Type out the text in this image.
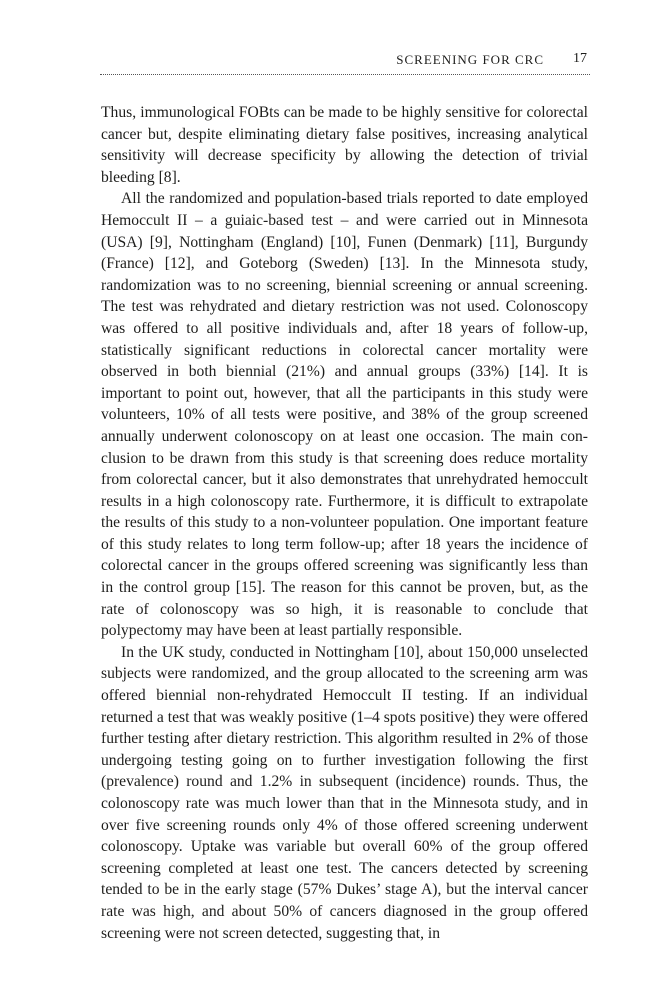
SCREENING FOR CRC 17

Thus, immunological FOBts can be made to be highly sensitive for colorectal cancer but, despite eliminating dietary false positives, increasing analytical sensitivity will decrease specificity by allowing the detection of trivial bleeding [8].

All the randomized and population-based trials reported to date employed Hemoccult II – a guiaic-based test – and were carried out in Minnesota (USA) [9], Nottingham (England) [10], Funen (Denmark) [11], Burgundy (France) [12], and Goteborg (Sweden) [13]. In the Minnesota study, randomization was to no screening, biennial screening or annual screening. The test was rehydrated and dietary restriction was not used. Colonoscopy was offered to all positive individuals and, after 18 years of follow-up, statistically significant reductions in colorectal cancer mortality were observed in both biennial (21%) and annual groups (33%) [14]. It is important to point out, however, that all the participants in this study were volunteers, 10% of all tests were positive, and 38% of the group screened annually underwent colonoscopy on at least one occasion. The main conclusion to be drawn from this study is that screening does reduce mortality from colorectal cancer, but it also demonstrates that unrehydrated hemoccult results in a high colonoscopy rate. Furthermore, it is difficult to extrapolate the results of this study to a non-volunteer population. One important feature of this study relates to long term follow-up; after 18 years the incidence of colorectal cancer in the groups offered screening was significantly less than in the control group [15]. The reason for this cannot be proven, but, as the rate of colonoscopy was so high, it is reasonable to conclude that polypectomy may have been at least partially responsible.

In the UK study, conducted in Nottingham [10], about 150,000 unselected subjects were randomized, and the group allocated to the screening arm was offered biennial non-rehydrated Hemoccult II testing. If an individual returned a test that was weakly positive (1–4 spots positive) they were offered further testing after dietary restriction. This algorithm resulted in 2% of those undergoing testing going on to further investigation following the first (prevalence) round and 1.2% in subsequent (incidence) rounds. Thus, the colonoscopy rate was much lower than that in the Minnesota study, and in over five screening rounds only 4% of those offered screening underwent colonoscopy. Uptake was variable but overall 60% of the group offered screening completed at least one test. The cancers detected by screening tended to be in the early stage (57% Dukes’ stage A), but the interval cancer rate was high, and about 50% of cancers diagnosed in the group offered screening were not screen detected, suggesting that, in
